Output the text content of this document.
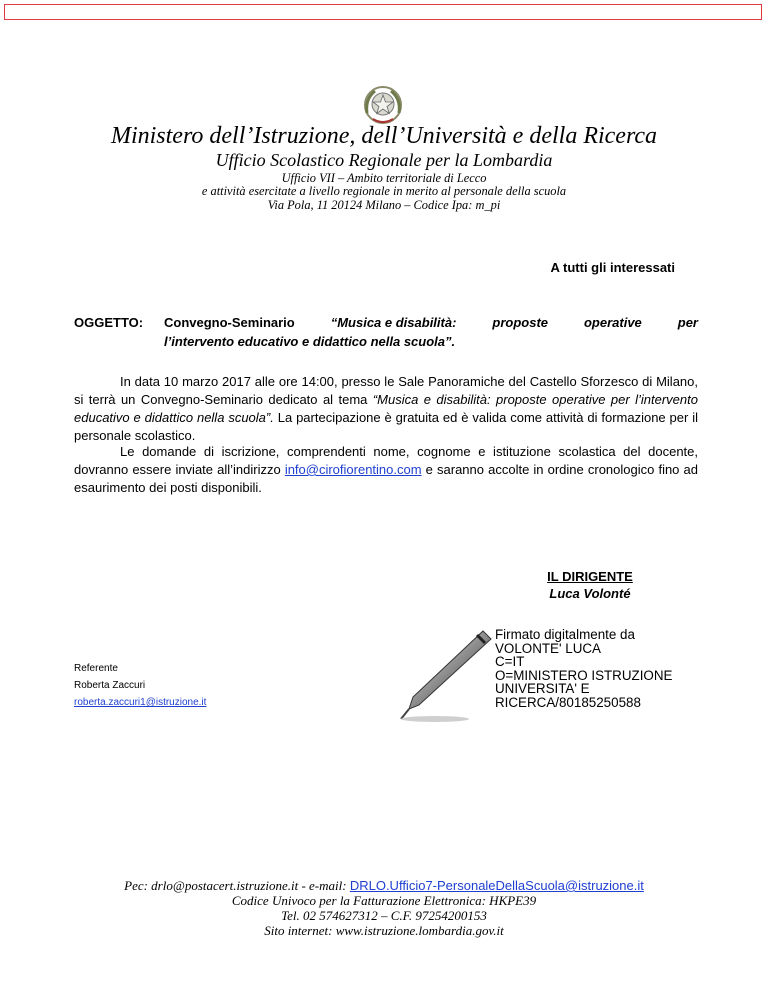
Ministero dell’Istruzione, dell’Università e della Ricerca
Ufficio Scolastico Regionale per la Lombardia
Ufficio VII – Ambito territoriale di Lecco
e attività esercitate a livello regionale in merito al personale della scuola
Via Pola, 11 20124 Milano – Codice Ipa: m_pi
A tutti gli interessati
OGGETTO: Convegno-Seminario	“Musica e disabilità:	proposte	operative	per
l’intervento educativo e didattico nella scuola”.
In data 10 marzo 2017 alle ore 14:00, presso le Sale Panoramiche del Castello Sforzesco di Milano, si terrà un Convegno-Seminario dedicato al tema “Musica e disabilità: proposte operative per l’intervento educativo e didattico nella scuola”. La partecipazione è gratuita ed è valida come attività di formazione per il personale scolastico.
Le domande di iscrizione, comprendenti nome, cognome e istituzione scolastica del docente, dovranno essere inviate all’indirizzo info@cirofiorentino.com e saranno accolte in ordine cronologico fino ad esaurimento dei posti disponibili.
IL DIRIGENTE
Luca Volonté
Referente
Roberta Zaccuri
roberta.zaccuri1@istruzione.it
Firmato digitalmente da
VOLONTE' LUCA
C=IT
O=MINISTERO ISTRUZIONE
UNIVERSITA' E
RICERCA/80185250588
Pec: drlo@postacert.istruzione.it - e-mail: DRLO.Ufficio7-PersonaleDellaScuola@istruzione.it
Codice Univoco per la Fatturazione Elettronica: HKPE39
Tel. 02 574627312 – C.F. 97254200153
Sito internet: www.istruzione.lombardia.gov.it
